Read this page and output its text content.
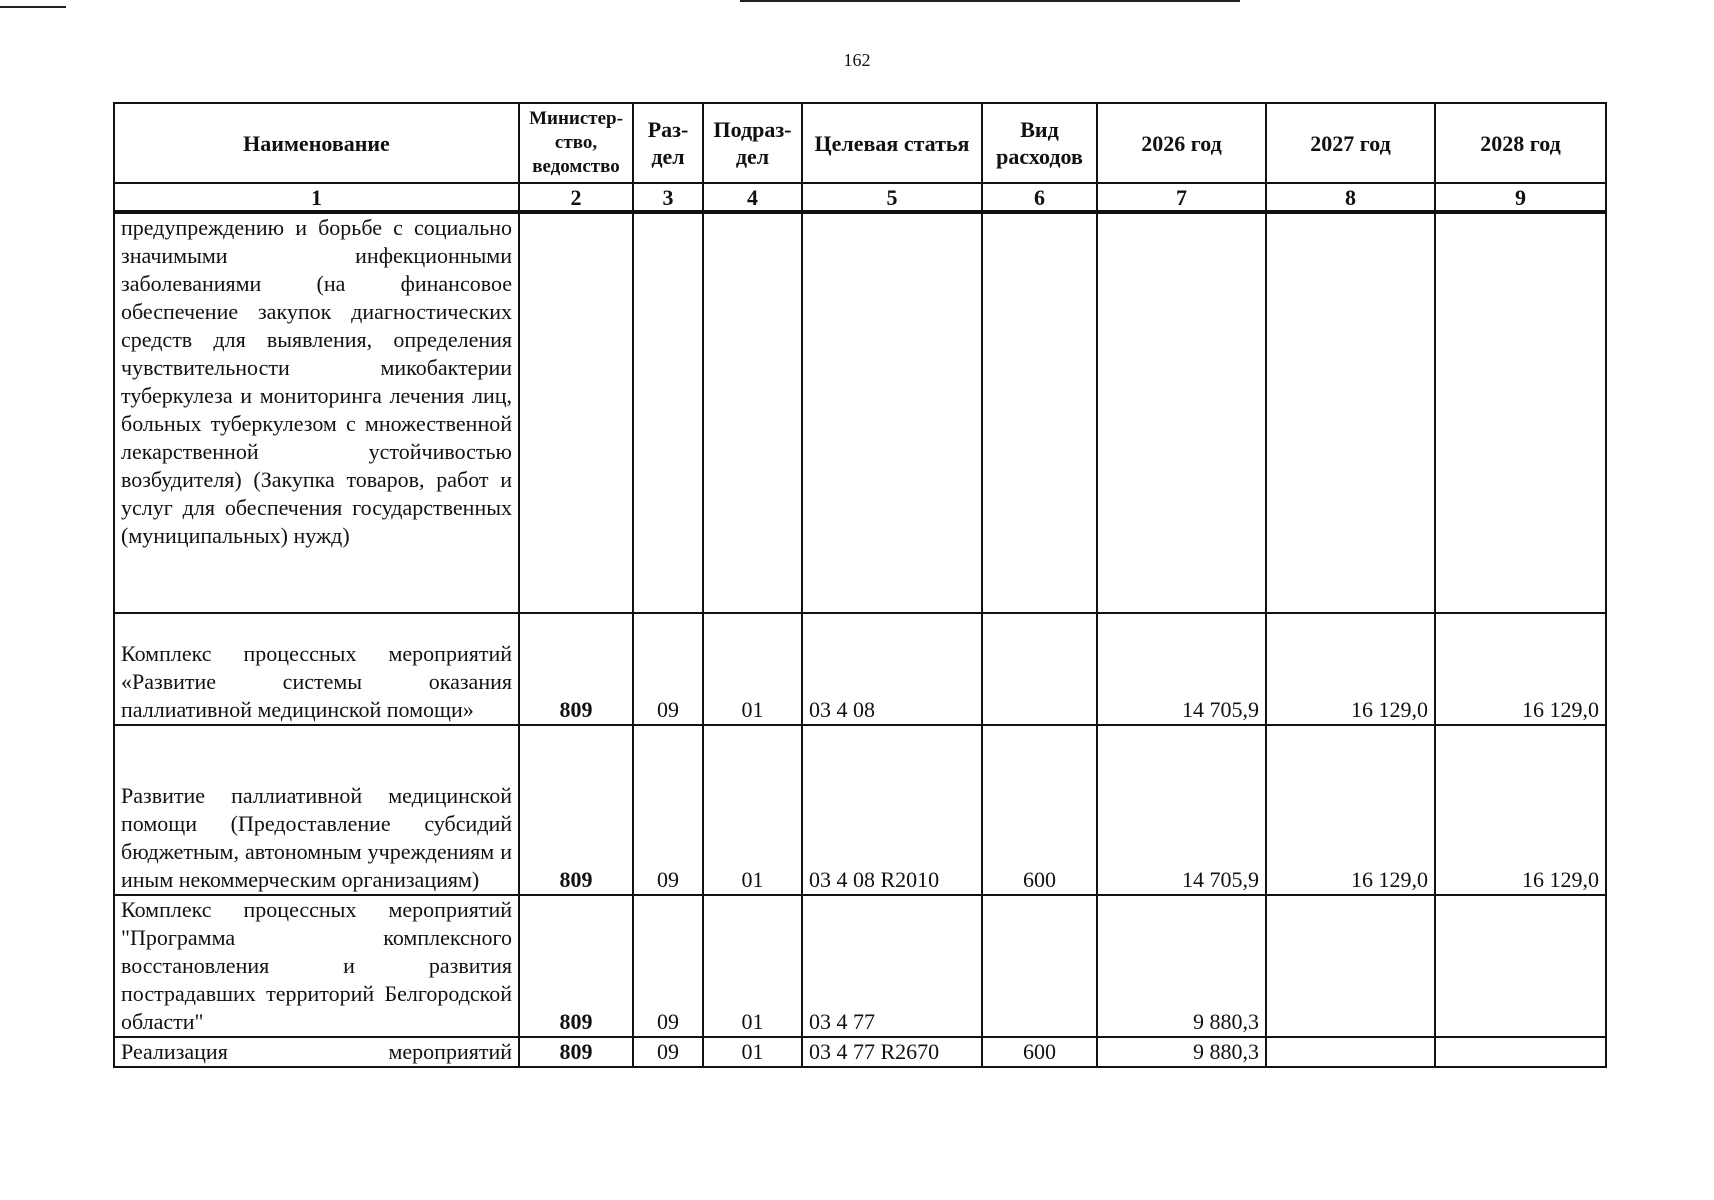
162
Наименование	Министер-ство, ведомство	Раз-дел	Подраз-дел	Целевая статья	Вид расходов	2026 год	2027 год	2028 год
1	2	3	4	5	6	7	8	9
предупреждению и борьбе с социально значимыми инфекционными заболеваниями (на финансовое обеспечение закупок диагностических средств для выявления, определения чувствительности микобактерии туберкулеза и мониторинга лечения лиц, больных туберкулезом с множественной лекарственной устойчивостью возбудителя) (Закупка товаров, работ и услуг для обеспечения государственных (муниципальных) нужд)								
Комплекс процессных мероприятий «Развитие системы оказания паллиативной медицинской помощи»	809	09	01	03 4 08		14 705,9	16 129,0	16 129,0
Развитие паллиативной медицинской помощи (Предоставление субсидий бюджетным, автономным учреждениям и иным некоммерческим организациям)	809	09	01	03 4 08 R2010	600	14 705,9	16 129,0	16 129,0
Комплекс процессных мероприятий "Программа комплексного восстановления и развития пострадавших территорий Белгородской области"	809	09	01	03 4 77		9 880,3		
Реализация мероприятий	809	09	01	03 4 77 R2670	600	9 880,3		
